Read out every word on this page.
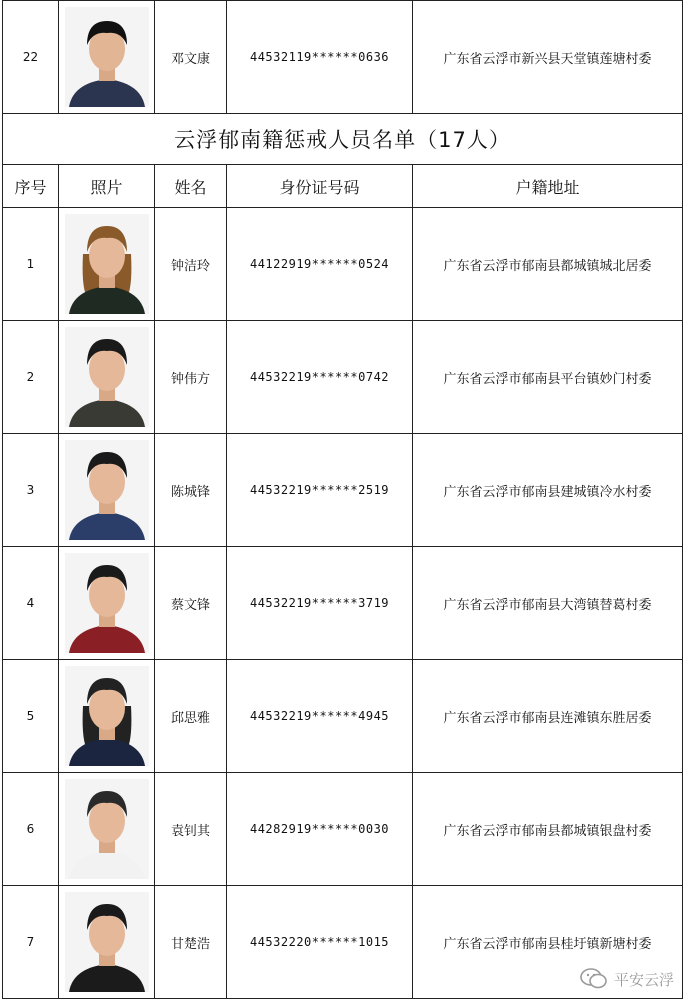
22		邓文康	44532119******0636	广东省云浮市新兴县天堂镇莲塘村委
云浮郁南籍惩戒人员名单（17人）				
序号	照片	姓名	身份证号码	户籍地址
1		钟洁玲	44122919******0524	广东省云浮市郁南县都城镇城北居委
2		钟伟方	44532219******0742	广东省云浮市郁南县平台镇妙门村委
3		陈城锋	44532219******2519	广东省云浮市郁南县建城镇冷水村委
4		蔡文锋	44532219******3719	广东省云浮市郁南县大湾镇替葛村委
5		邱思雅	44532219******4945	广东省云浮市郁南县连滩镇东胜居委
6		袁钊其	44282919******0030	广东省云浮市郁南县都城镇银盘村委
7		甘楚浩	44532220******1015	广东省云浮市郁南县桂圩镇新塘村委
平安云浮
